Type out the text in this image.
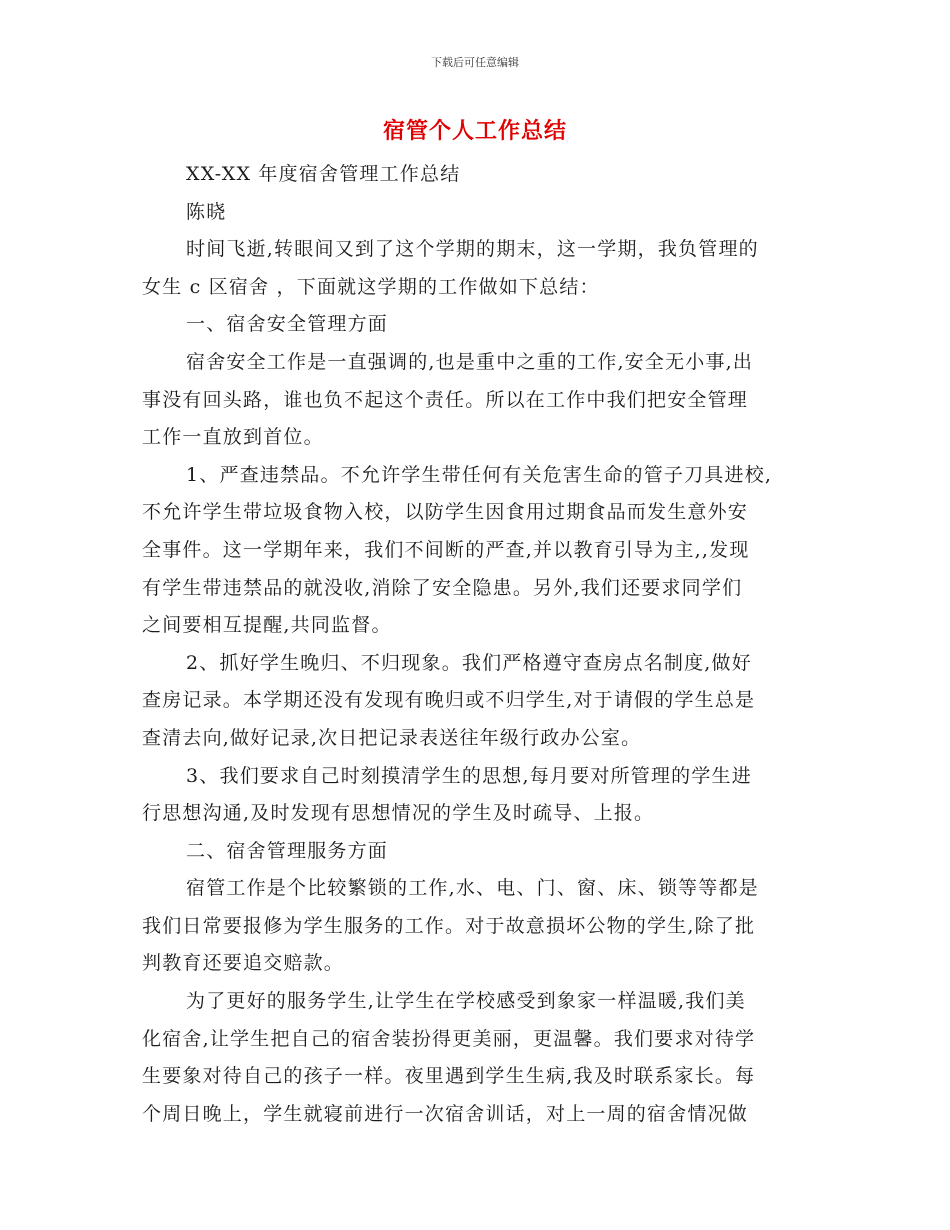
下载后可任意编辑
宿管个人工作总结
XX-XX 年度宿舍管理工作总结
陈晓
时间飞逝,转眼间又到了这个学期的期末，这一学期，我负管理的
女生 c 区宿舍 ，下面就这学期的工作做如下总结：
一、宿舍安全管理方面
宿舍安全工作是一直强调的,也是重中之重的工作,安全无小事,出
事没有回头路，谁也负不起这个责任。所以在工作中我们把安全管理
工作一直放到首位。
1、严查违禁品。不允许学生带任何有关危害生命的管子刀具进校,
不允许学生带垃圾食物入校，以防学生因食用过期食品而发生意外安
全事件。这一学期年来，我们不间断的严查,并以教育引导为主,,发现
有学生带违禁品的就没收,消除了安全隐患。另外,我们还要求同学们
之间要相互提醒,共同监督。
2、抓好学生晚归、不归现象。我们严格遵守查房点名制度,做好
查房记录。本学期还没有发现有晚归或不归学生,对于请假的学生总是
查清去向,做好记录,次日把记录表送往年级行政办公室。
3、我们要求自己时刻摸清学生的思想,每月要对所管理的学生进
行思想沟通,及时发现有思想情况的学生及时疏导、上报。
二、宿舍管理服务方面
宿管工作是个比较繁锁的工作,水、电、门、窗、床、锁等等都是
我们日常要报修为学生服务的工作。对于故意损坏公物的学生,除了批
判教育还要追交赔款。
为了更好的服务学生,让学生在学校感受到象家一样温暖,我们美
化宿舍,让学生把自己的宿舍装扮得更美丽，更温馨。我们要求对待学
生要象对待自己的孩子一样。夜里遇到学生生病,我及时联系家长。每
个周日晚上，学生就寝前进行一次宿舍训话，对上一周的宿舍情况做
